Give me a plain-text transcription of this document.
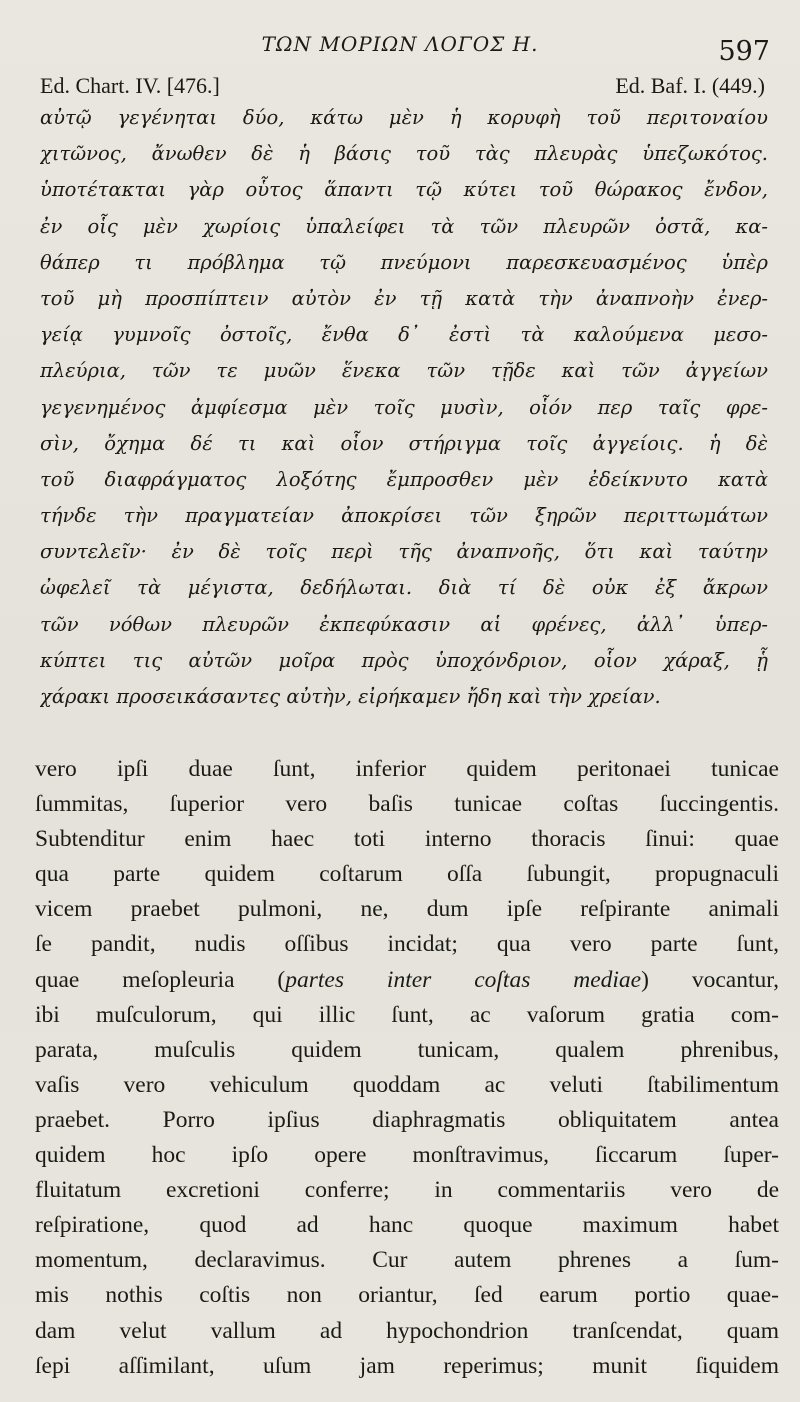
ΤΩΝ ΜΟΡΙΩΝ ΛΟΓΟΣ Η.	597
Ed. Chart. IV. [476.]	Ed. Baf. I. (449.)
αὐτῷ γεγένηται δύο, κάτω μὲν ἡ κορυφὴ τοῦ περιτοναίου
χιτῶνος, ἄνωθεν δὲ ἡ βάσις τοῦ τὰς πλευρὰς ὑπεζωκότος.
ὑποτέτακται γὰρ οὗτος ἅπαντι τῷ κύτει τοῦ θώρακος ἔνδον,
ἐν οἷς μὲν χωρίοις ὑπαλείφει τὰ τῶν πλευρῶν ὀστᾶ, κα-
θάπερ τι πρόβλημα τῷ πνεύμονι παρεσκευασμένος ὑπὲρ
τοῦ μὴ προσπίπτειν αὐτὸν ἐν τῇ κατὰ τὴν ἀναπνοὴν ἐνερ-
γείᾳ γυμνοῖς ὀστοῖς, ἔνθα δ᾽ ἐστὶ τὰ καλούμενα μεσο-
πλεύρια, τῶν τε μυῶν ἕνεκα τῶν τῇδε καὶ τῶν ἀγγείων
γεγενημένος ἀμφίεσμα μὲν τοῖς μυσὶν, οἷόν περ ταῖς φρε-
σὶν, ὄχημα δέ τι καὶ οἷον στήριγμα τοῖς ἀγγείοις. ἡ δὲ
τοῦ διαφράγματος λοξότης ἔμπροσθεν μὲν ἐδείκνυτο κατὰ
τήνδε τὴν πραγματείαν ἀποκρίσει τῶν ξηρῶν περιττωμάτων
συντελεῖν· ἐν δὲ τοῖς περὶ τῆς ἀναπνοῆς, ὅτι καὶ ταύτην
ὠφελεῖ τὰ μέγιστα, δεδήλωται. διὰ τί δὲ οὐκ ἐξ ἄκρων
τῶν νόθων πλευρῶν ἐκπεφύκασιν αἱ φρένες, ἀλλ᾽ ὑπερ-
κύπτει τις αὐτῶν μοῖρα πρὸς ὑποχόνδριον, οἷον χάραξ, ᾗ
χάρακι προσεικάσαντες αὐτὴν, εἰρήκαμεν ἤδη καὶ τὴν χρείαν.
vero ipſi duae ſunt, inferior quidem peritonaei tunicae
ſummitas, ſuperior vero baſis tunicae coſtas ſuccingentis.
Subtenditur enim haec toti interno thoracis ſinui: quae
qua parte quidem coſtarum oſſa ſubungit, propugnaculi
vicem praebet pulmoni, ne, dum ipſe reſpirante animali
ſe pandit, nudis oſſibus incidat; qua vero parte ſunt,
quae meſopleuria (partes inter coſtas mediae) vocantur,
ibi muſculorum, qui illic ſunt, ac vaſorum gratia com-
parata, muſculis quidem tunicam, qualem phrenibus,
vaſis vero vehiculum quoddam ac veluti ſtabilimentum
praebet. Porro ipſius diaphragmatis obliquitatem antea
quidem hoc ipſo opere monſtravimus, ſiccarum ſuper-
fluitatum excretioni conferre; in commentariis vero de
reſpiratione, quod ad hanc quoque maximum habet
momentum, declaravimus. Cur autem phrenes a ſum-
mis nothis coſtis non oriantur, ſed earum portio quae-
dam velut vallum ad hypochondrion tranſcendat, quam
ſepi aſſimilant, uſum jam reperimus; munit ſiquidem
